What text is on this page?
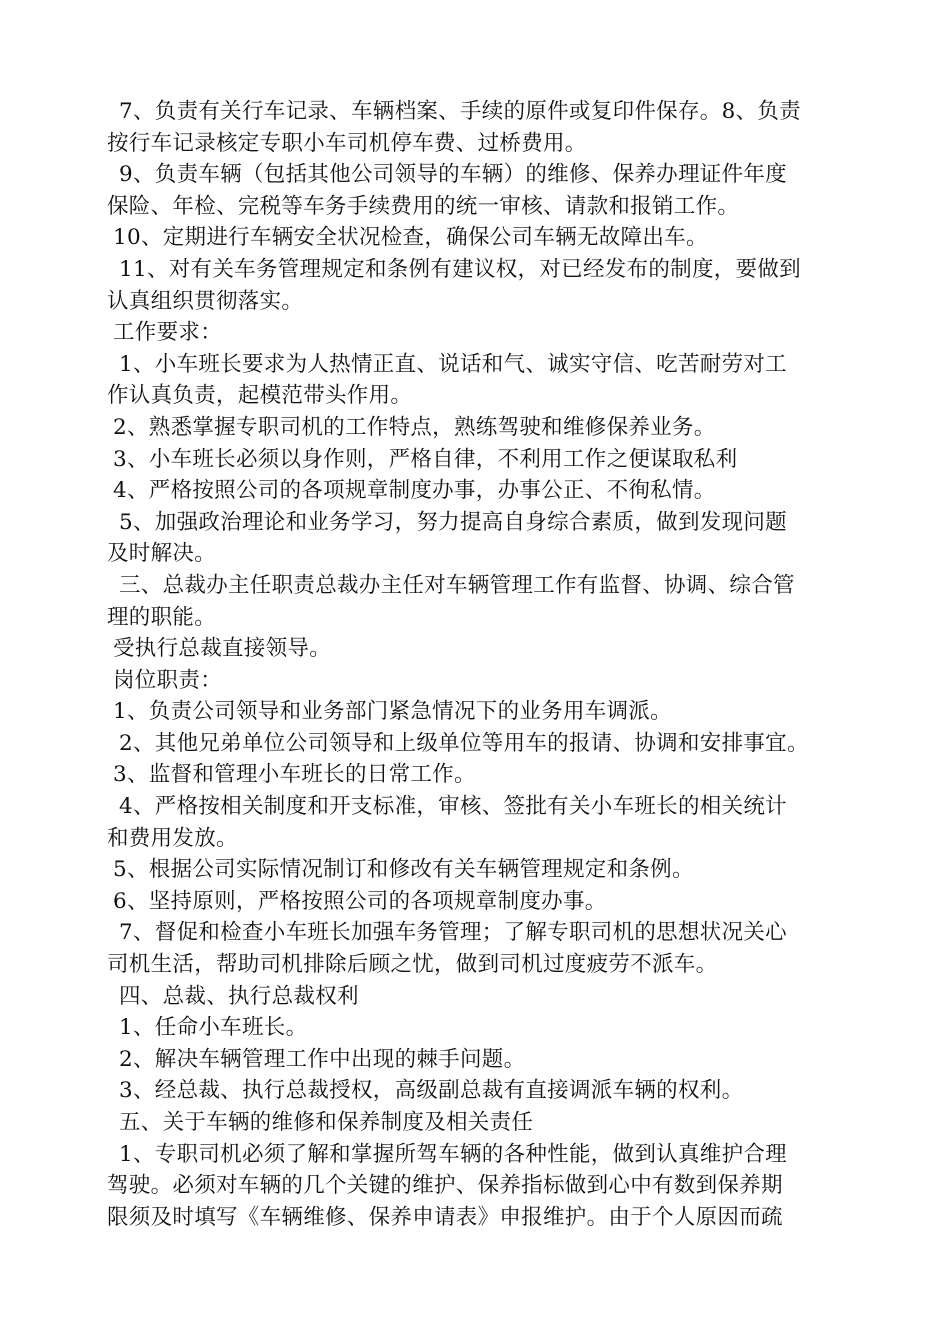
7、负责有关行车记录、车辆档案、手续的原件或复印件保存。8、负责
按行车记录核定专职小车司机停车费、过桥费用。
9、负责车辆（包括其他公司领导的车辆）的维修、保养办理证件年度
保险、年检、完税等车务手续费用的统一审核、请款和报销工作。
10、定期进行车辆安全状况检查，确保公司车辆无故障出车。
11、对有关车务管理规定和条例有建议权，对已经发布的制度，要做到
认真组织贯彻落实。
工作要求：
1、小车班长要求为人热情正直、说话和气、诚实守信、吃苦耐劳对工
作认真负责，起模范带头作用。
2、熟悉掌握专职司机的工作特点，熟练驾驶和维修保养业务。
3、小车班长必须以身作则，严格自律，不利用工作之便谋取私利
4、严格按照公司的各项规章制度办事，办事公正、不徇私情。
5、加强政治理论和业务学习，努力提高自身综合素质，做到发现问题
及时解决。
三、总裁办主任职责总裁办主任对车辆管理工作有监督、协调、综合管
理的职能。
受执行总裁直接领导。
岗位职责：
1、负责公司领导和业务部门紧急情况下的业务用车调派。
2、其他兄弟单位公司领导和上级单位等用车的报请、协调和安排事宜。
3、监督和管理小车班长的日常工作。
4、严格按相关制度和开支标准，审核、签批有关小车班长的相关统计
和费用发放。
5、根据公司实际情况制订和修改有关车辆管理规定和条例。
6、坚持原则，严格按照公司的各项规章制度办事。
7、督促和检查小车班长加强车务管理；了解专职司机的思想状况关心
司机生活，帮助司机排除后顾之忧，做到司机过度疲劳不派车。
四、总裁、执行总裁权利
1、任命小车班长。
2、解决车辆管理工作中出现的棘手问题。
3、经总裁、执行总裁授权，高级副总裁有直接调派车辆的权利。
五、关于车辆的维修和保养制度及相关责任
1、专职司机必须了解和掌握所驾车辆的各种性能，做到认真维护合理
驾驶。必须对车辆的几个关键的维护、保养指标做到心中有数到保养期
限须及时填写《车辆维修、保养申请表》申报维护。由于个人原因而疏
